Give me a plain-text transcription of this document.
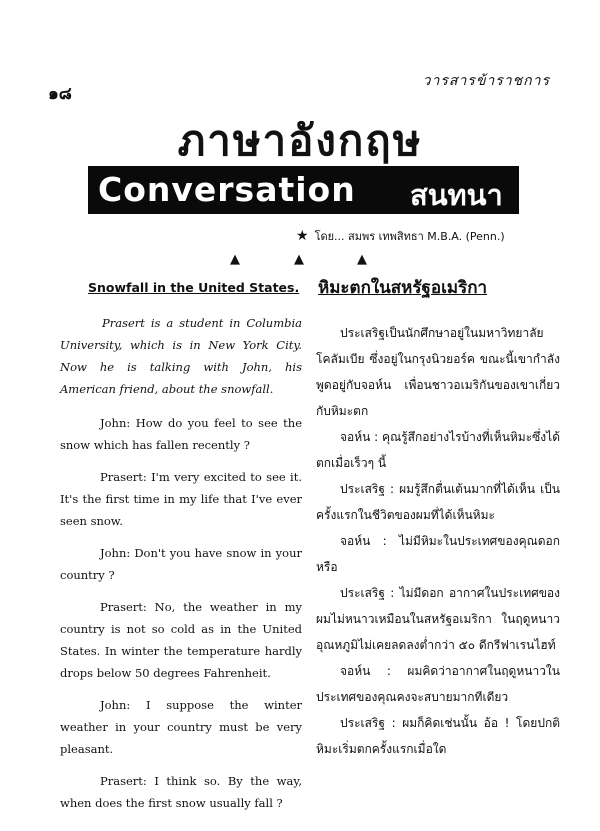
๑๘
วารสารข้าราชการ
ภาษาอังกฤษ
Conversation สนทนา
★ โดย... สมพร เทพสิทธา M.B.A. (Penn.)
▲	▲	▲
Snowfall in the United States. หิมะตกในสหรัฐอเมริกา

Prasert is a student in Columbia University, which is in New York City. Now he is talking with John, his American friend, about the snowfall.

John: How do you feel to see the snow which has fallen recently ?

Prasert: I'm very excited to see it. It's the first time in my life that I've ever seen snow.

John: Don't you have snow in your country ?

Prasert: No, the weather in my country is not so cold as in the United States. In winter the temperature hardly drops below 50 degrees Fahrenheit.

John: I suppose the winter weather in your country must be very pleasant.

Prasert: I think so. By the way, when does the first snow usually fall ?

ประเสริฐเป็นนักศึกษาอยู่ในมหาวิทยาลัยโคลัมเบีย ซึ่งอยู่ในกรุงนิวยอร์ค ขณะนี้เขากำลังพูดอยู่กับจอห์น เพื่อนชาวอเมริกันของเขาเกี่ยวกับหิมะตก

จอห์น : คุณรู้สึกอย่างไรบ้างที่เห็นหิมะซึ่งได้ตกเมื่อเร็วๆ นี้

ประเสริฐ : ผมรู้สึกตื่นเต้นมากที่ได้เห็น เป็นครั้งแรกในชีวิตของผมที่ได้เห็นหิมะ

จอห์น : ไม่มีหิมะในประเทศของคุณดอกหรือ

ประเสริฐ : ไม่มีดอก อากาศในประเทศของผมไม่หนาวเหมือนในสหรัฐอเมริกา ในฤดูหนาวอุณหภูมิไม่เคยลดลงต่ำกว่า ๕๐ ดีกรีฟาเรนไฮท์

จอห์น : ผมคิดว่าอากาศในฤดูหนาวในประเทศของคุณคงจะสบายมากทีเดียว

ประเสริฐ : ผมก็คิดเช่นนั้น อ้อ ! โดยปกติหิมะเริ่มตกครั้งแรกเมื่อใด
